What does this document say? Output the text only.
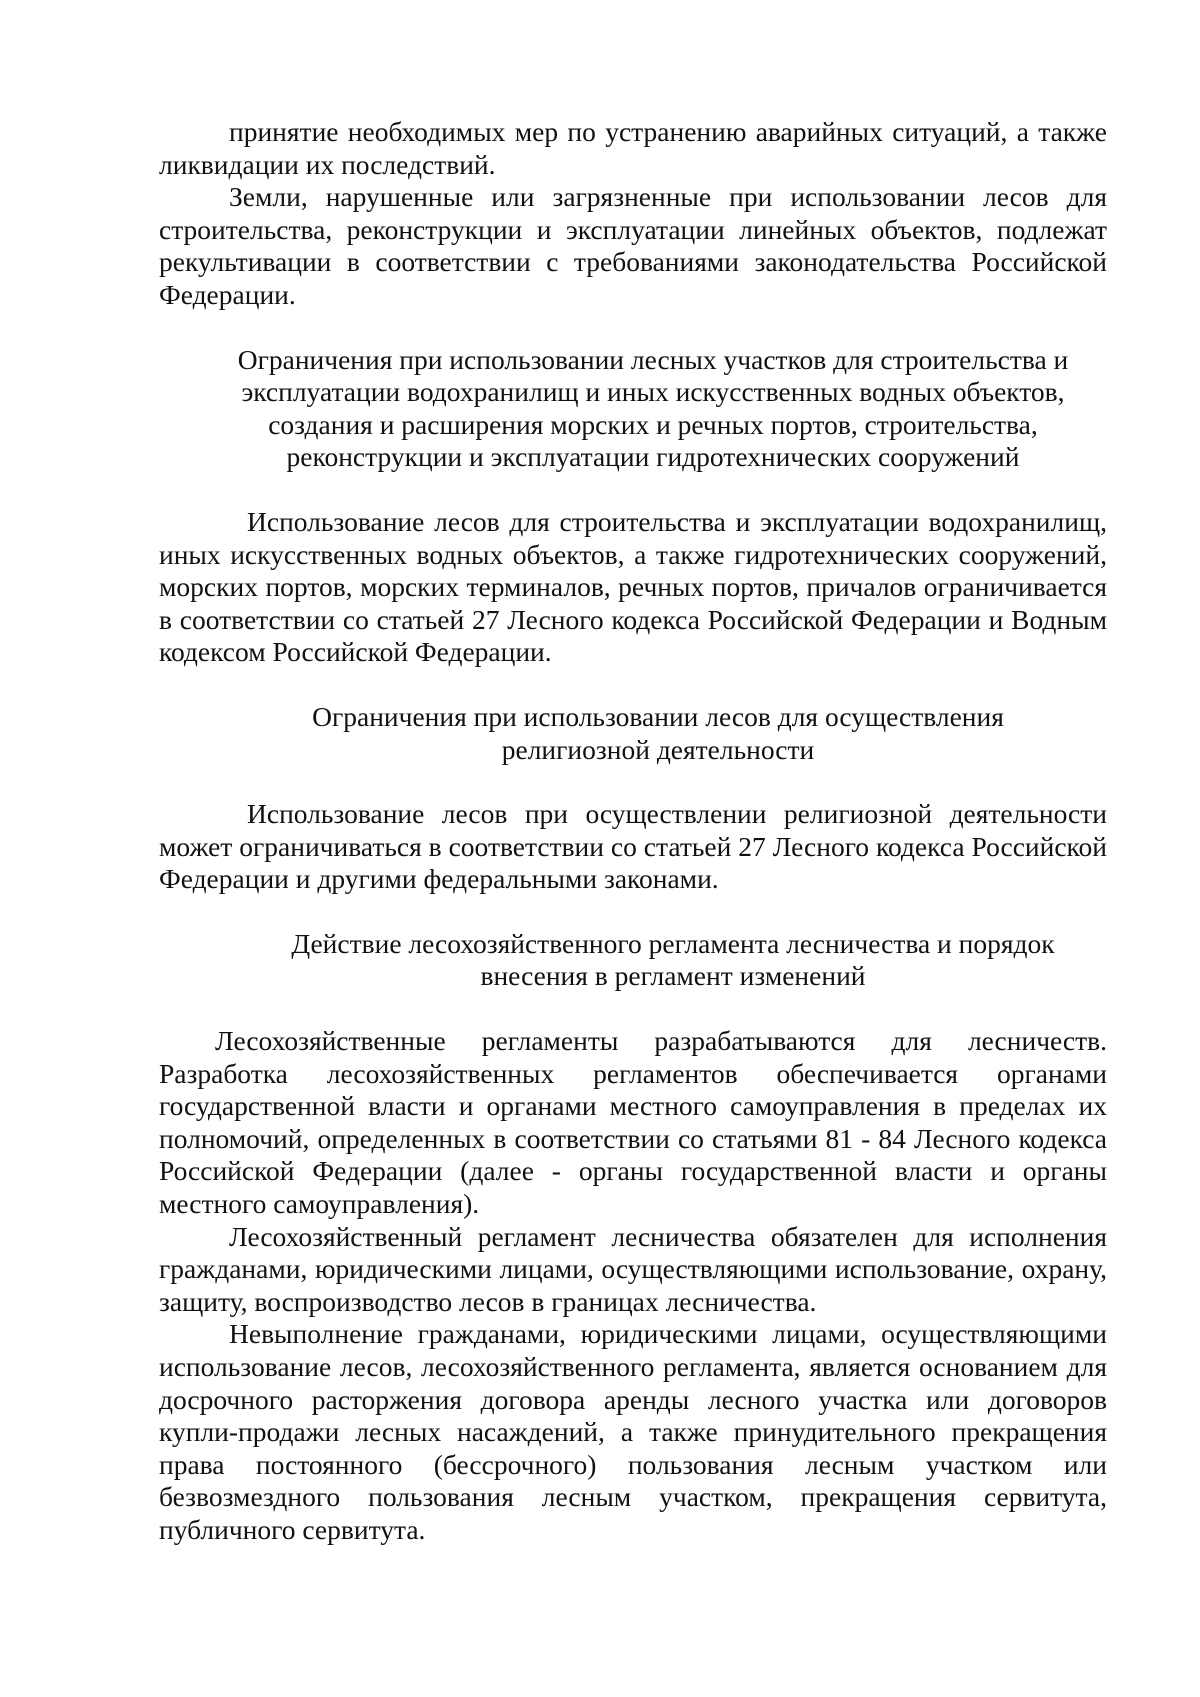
принятие необходимых мер по устранению аварийных ситуаций, а также ликвидации их последствий.

Земли, нарушенные или загрязненные при использовании лесов для строительства, реконструкции и эксплуатации линейных объектов, подлежат рекультивации в соответствии с требованиями законодательства Российской Федерации.

Ограничения при использовании лесных участков для строительства и эксплуатации водохранилищ и иных искусственных водных объектов, создания и расширения морских и речных портов, строительства, реконструкции и эксплуатации гидротехнических сооружений

Использование лесов для строительства и эксплуатации водохранилищ, иных искусственных водных объектов, а также гидротехнических сооружений, морских портов, морских терминалов, речных портов, причалов ограничивается в соответствии со статьей 27 Лесного кодекса Российской Федерации и Водным кодексом Российской Федерации.

Ограничения при использовании лесов для осуществления религиозной деятельности

Использование лесов при осуществлении религиозной деятельности может ограничиваться в соответствии со статьей 27 Лесного кодекса Российской Федерации и другими федеральными законами.

Действие лесохозяйственного регламента лесничества и порядок внесения в регламент изменений

Лесохозяйственные регламенты разрабатываются для лесничеств. Разработка лесохозяйственных регламентов обеспечивается органами государственной власти и органами местного самоуправления в пределах их полномочий, определенных в соответствии со статьями 81 - 84 Лесного кодекса Российской Федерации (далее - органы государственной власти и органы местного самоуправления).

Лесохозяйственный регламент лесничества обязателен для исполнения гражданами, юридическими лицами, осуществляющими использование, охрану, защиту, воспроизводство лесов в границах лесничества.

Невыполнение гражданами, юридическими лицами, осуществляющими использование лесов, лесохозяйственного регламента, является основанием для досрочного расторжения договора аренды лесного участка или договоров купли-продажи лесных насаждений, а также принудительного прекращения права постоянного (бессрочного) пользования лесным участком или безвозмездного пользования лесным участком, прекращения сервитута, публичного сервитута.
